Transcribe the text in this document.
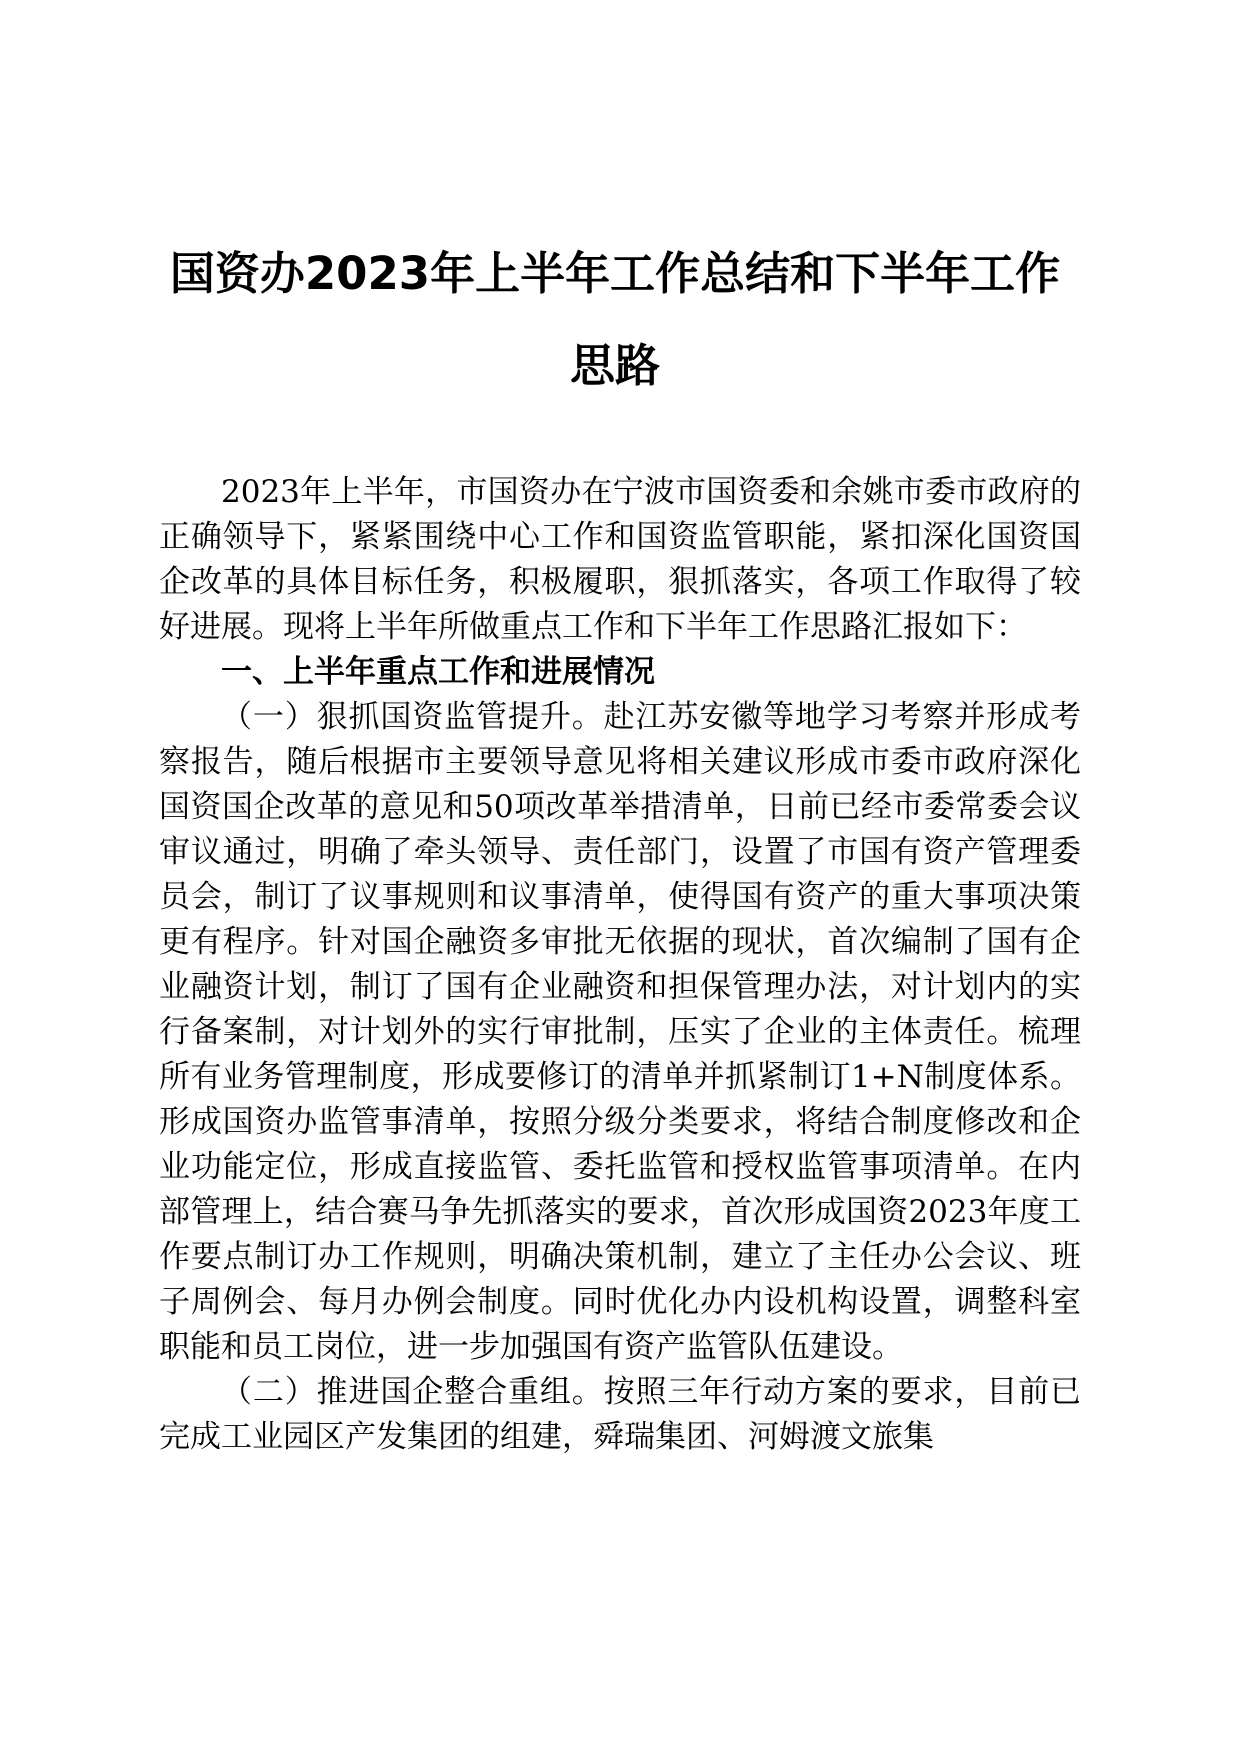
国资办2023年上半年工作总结和下半年工作思路

2023年上半年，市国资办在宁波市国资委和余姚市委市政府的正确领导下，紧紧围绕中心工作和国资监管职能，紧扣深化国资国企改革的具体目标任务，积极履职，狠抓落实，各项工作取得了较好进展。现将上半年所做重点工作和下半年工作思路汇报如下：

一、上半年重点工作和进展情况

（一）狠抓国资监管提升。赴江苏安徽等地学习考察并形成考察报告，随后根据市主要领导意见将相关建议形成市委市政府深化国资国企改革的意见和50项改革举措清单，日前已经市委常委会议审议通过，明确了牵头领导、责任部门，设置了市国有资产管理委员会，制订了议事规则和议事清单，使得国有资产的重大事项决策更有程序。针对国企融资多审批无依据的现状，首次编制了国有企业融资计划，制订了国有企业融资和担保管理办法，对计划内的实行备案制，对计划外的实行审批制，压实了企业的主体责任。梳理所有业务管理制度，形成要修订的清单并抓紧制订1+N制度体系。形成国资办监管事清单，按照分级分类要求，将结合制度修改和企业功能定位，形成直接监管、委托监管和授权监管事项清单。在内部管理上，结合赛马争先抓落实的要求，首次形成国资2023年度工作要点制订办工作规则，明确决策机制，建立了主任办公会议、班子周例会、每月办例会制度。同时优化办内设机构设置，调整科室职能和员工岗位，进一步加强国有资产监管队伍建设。

（二）推进国企整合重组。按照三年行动方案的要求，目前已完成工业园区产发集团的组建，舜瑞集团、河姆渡文旅集
